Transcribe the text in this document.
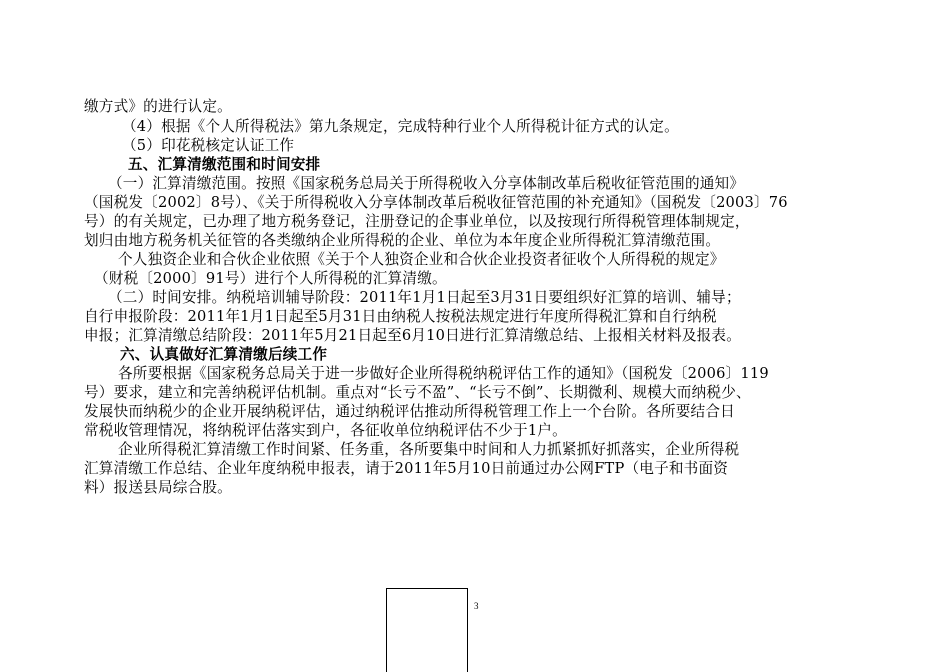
缴方式》的进行认定。
（4）根据《个人所得税法》第九条规定，完成特种行业个人所得税计征方式的认定。
（5）印花税核定认证工作
五、汇算清缴范围和时间安排
（一）汇算清缴范围。按照《国家税务总局关于所得税收入分享体制改革后税收征管范围的通知》
（国税发〔2002〕8号）、《关于所得税收入分享体制改革后税收征管范围的补充通知》（国税发〔2003〕76
号）的有关规定，已办理了地方税务登记，注册登记的企事业单位，以及按现行所得税管理体制规定，
划归由地方税务机关征管的各类缴纳企业所得税的企业、单位为本年度企业所得税汇算清缴范围。
个人独资企业和合伙企业依照《关于个人独资企业和合伙企业投资者征收个人所得税的规定》
（财税〔2000〕91号）进行个人所得税的汇算清缴。
（二）时间安排。纳税培训辅导阶段：2011年1月1日起至3月31日要组织好汇算的培训、辅导；
自行申报阶段：2011年1月1日起至5月31日由纳税人按税法规定进行年度所得税汇算和自行纳税
申报；汇算清缴总结阶段：2011年5月21日起至6月10日进行汇算清缴总结、上报相关材料及报表。
六、认真做好汇算清缴后续工作
各所要根据《国家税务总局关于进一步做好企业所得税纳税评估工作的通知》（国税发〔2006〕119
号）要求，建立和完善纳税评估机制。重点对“长亏不盈”、“长亏不倒”、长期微利、规模大而纳税少、
发展快而纳税少的企业开展纳税评估，通过纳税评估推动所得税管理工作上一个台阶。各所要结合日
常税收管理情况，将纳税评估落实到户，各征收单位纳税评估不少于1户。
企业所得税汇算清缴工作时间紧、任务重，各所要集中时间和人力抓紧抓好抓落实，企业所得税
汇算清缴工作总结、企业年度纳税申报表，请于2011年5月10日前通过办公网FTP（电子和书面资
料）报送县局综合股。
3
